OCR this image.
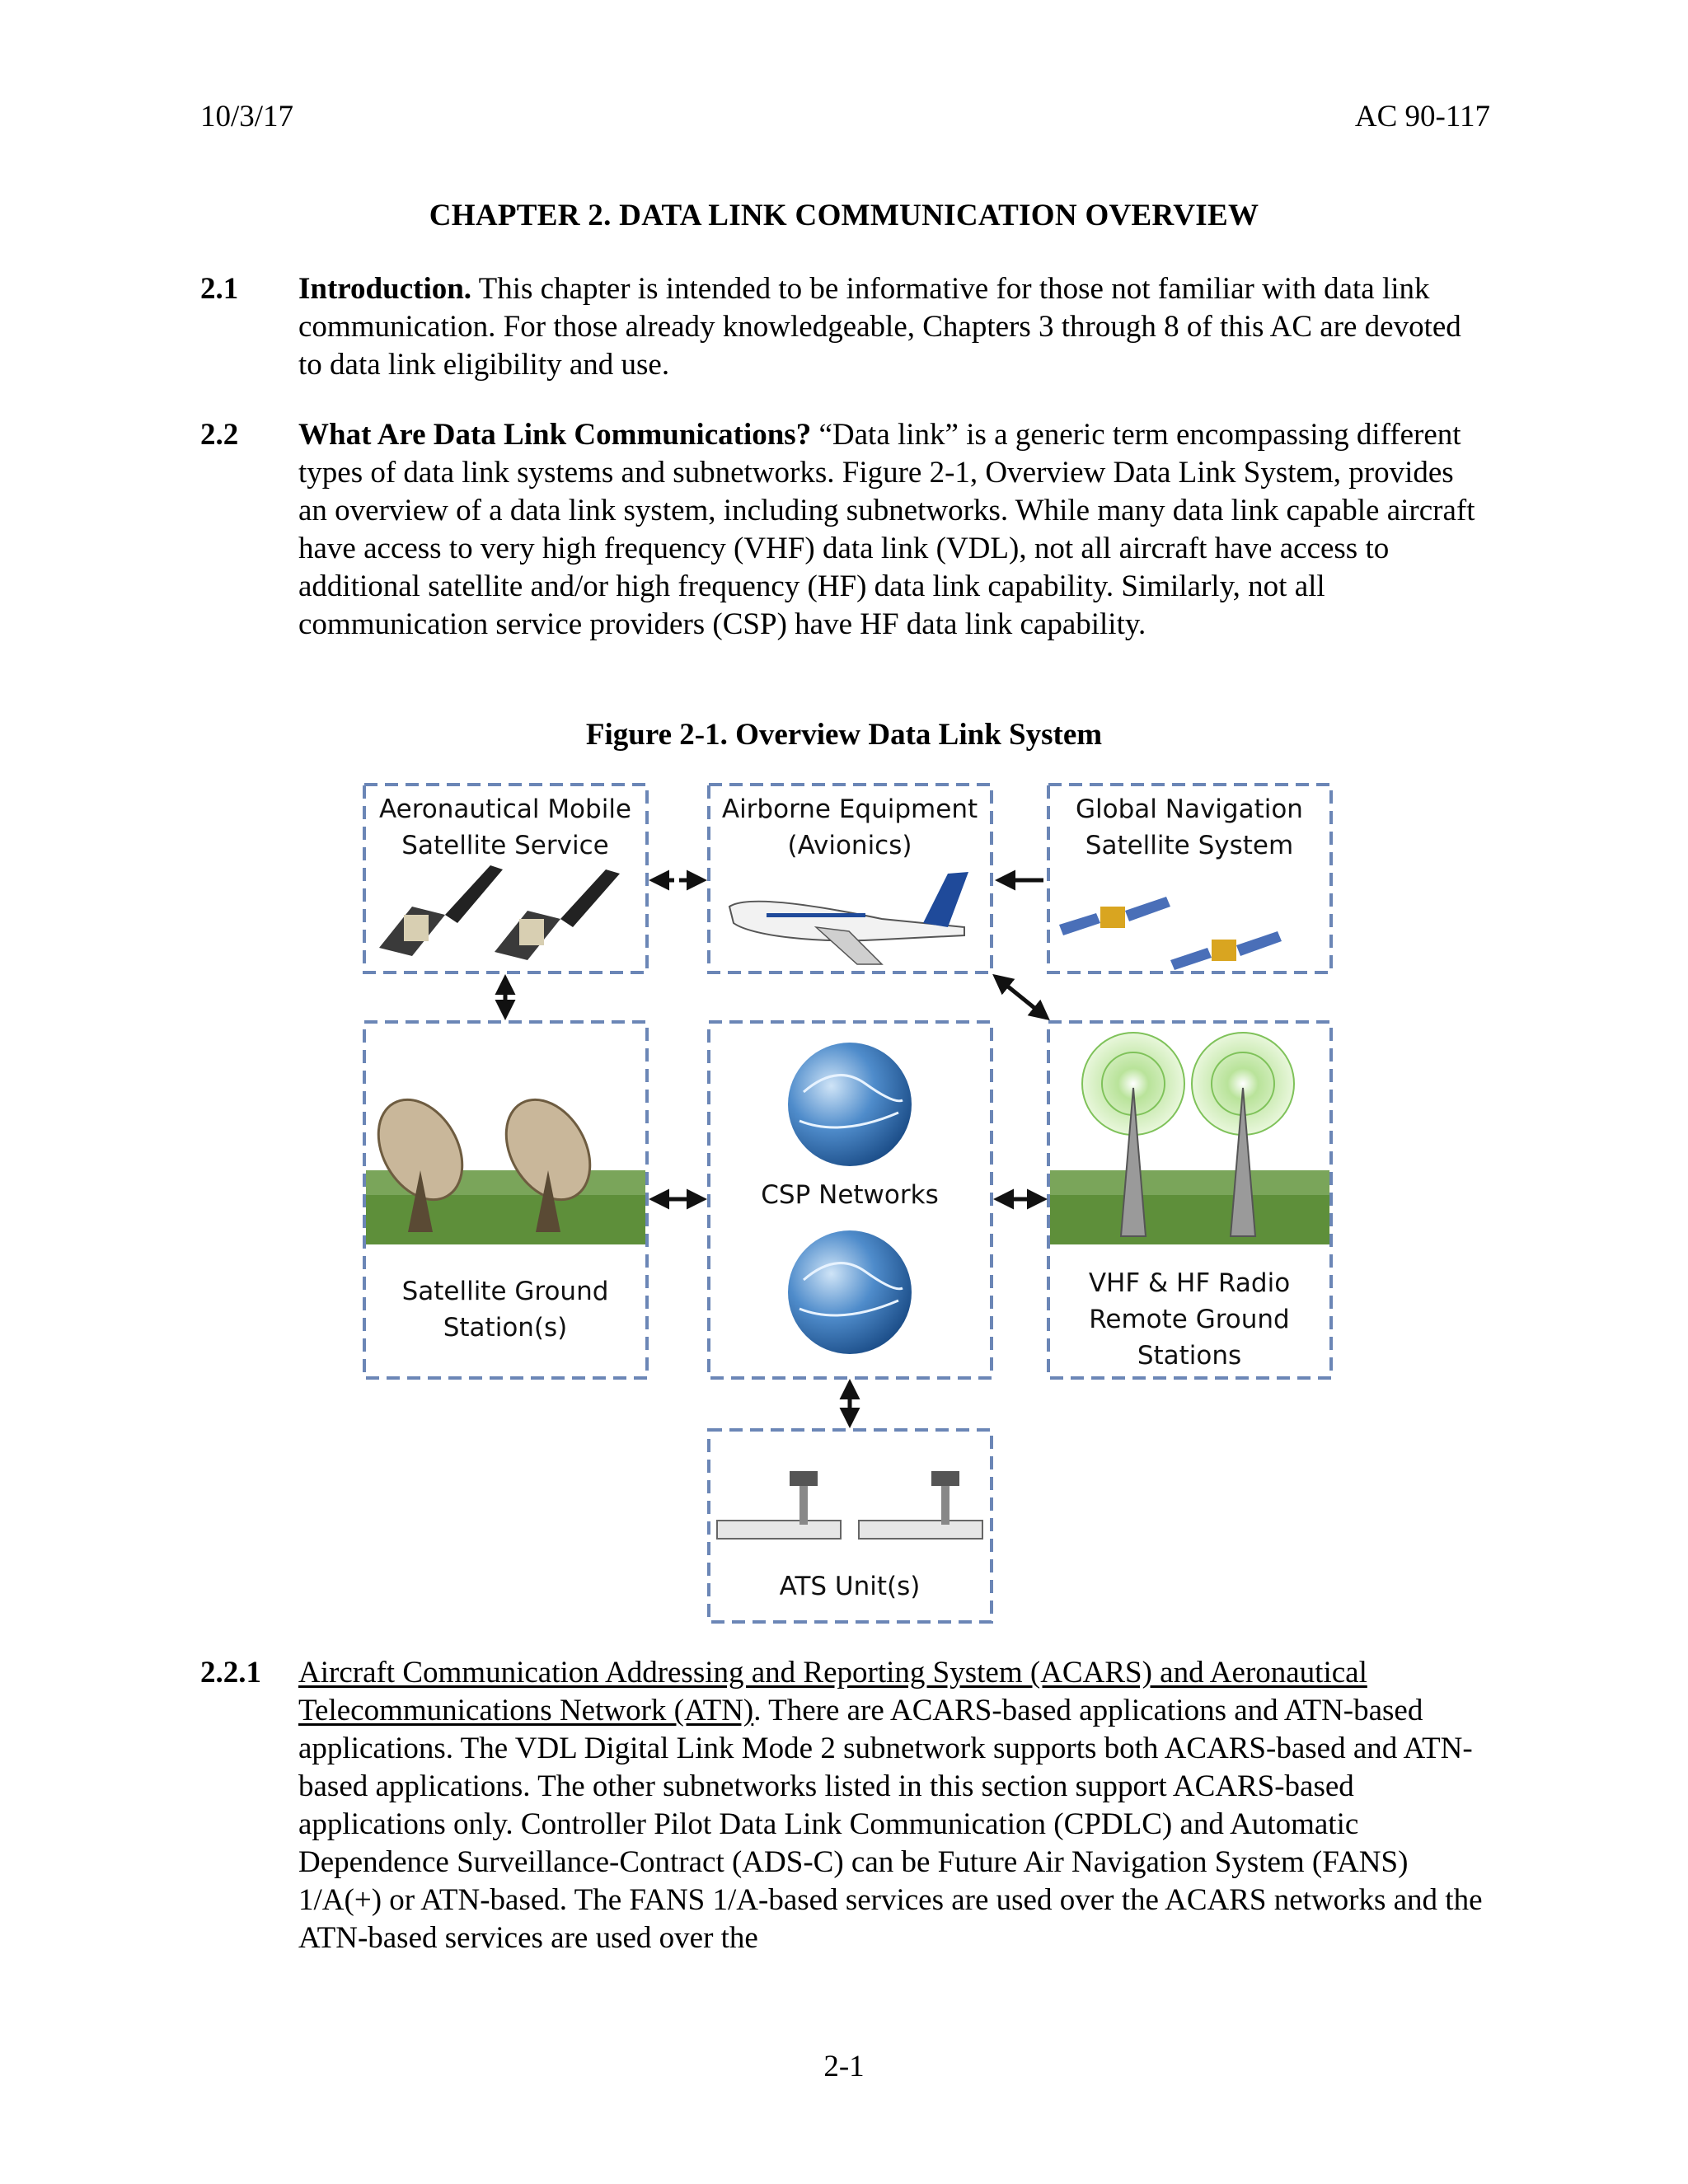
10/3/17	AC 90-117
CHAPTER 2. DATA LINK COMMUNICATION OVERVIEW
2.1 Introduction. This chapter is intended to be informative for those not familiar with data link communication. For those already knowledgeable, Chapters 3 through 8 of this AC are devoted to data link eligibility and use.
2.2 What Are Data Link Communications? “Data link” is a generic term encompassing different types of data link systems and subnetworks. Figure 2-1, Overview Data Link System, provides an overview of a data link system, including subnetworks. While many data link capable aircraft have access to very high frequency (VHF) data link (VDL), not all aircraft have access to additional satellite and/or high frequency (HF) data link capability. Similarly, not all communication service providers (CSP) have HF data link capability.
Figure 2-1. Overview Data Link System
Aeronautical Mobile
Satellite Service
Airborne Equipment
(Avionics)
Global Navigation
Satellite System
Satellite Ground
Station(s)
CSP Networks
VHF & HF Radio
Remote Ground
Stations
ATS Unit(s)
2.2.1 Aircraft Communication Addressing and Reporting System (ACARS) and Aeronautical Telecommunications Network (ATN). There are ACARS-based applications and ATN-based applications. The VDL Digital Link Mode 2 subnetwork supports both ACARS-based and ATN-based applications. The other subnetworks listed in this section support ACARS-based applications only. Controller Pilot Data Link Communication (CPDLC) and Automatic Dependence Surveillance-Contract (ADS-C) can be Future Air Navigation System (FANS) 1/A(+) or ATN-based. The FANS 1/A-based services are used over the ACARS networks and the ATN-based services are used over the
2-1
